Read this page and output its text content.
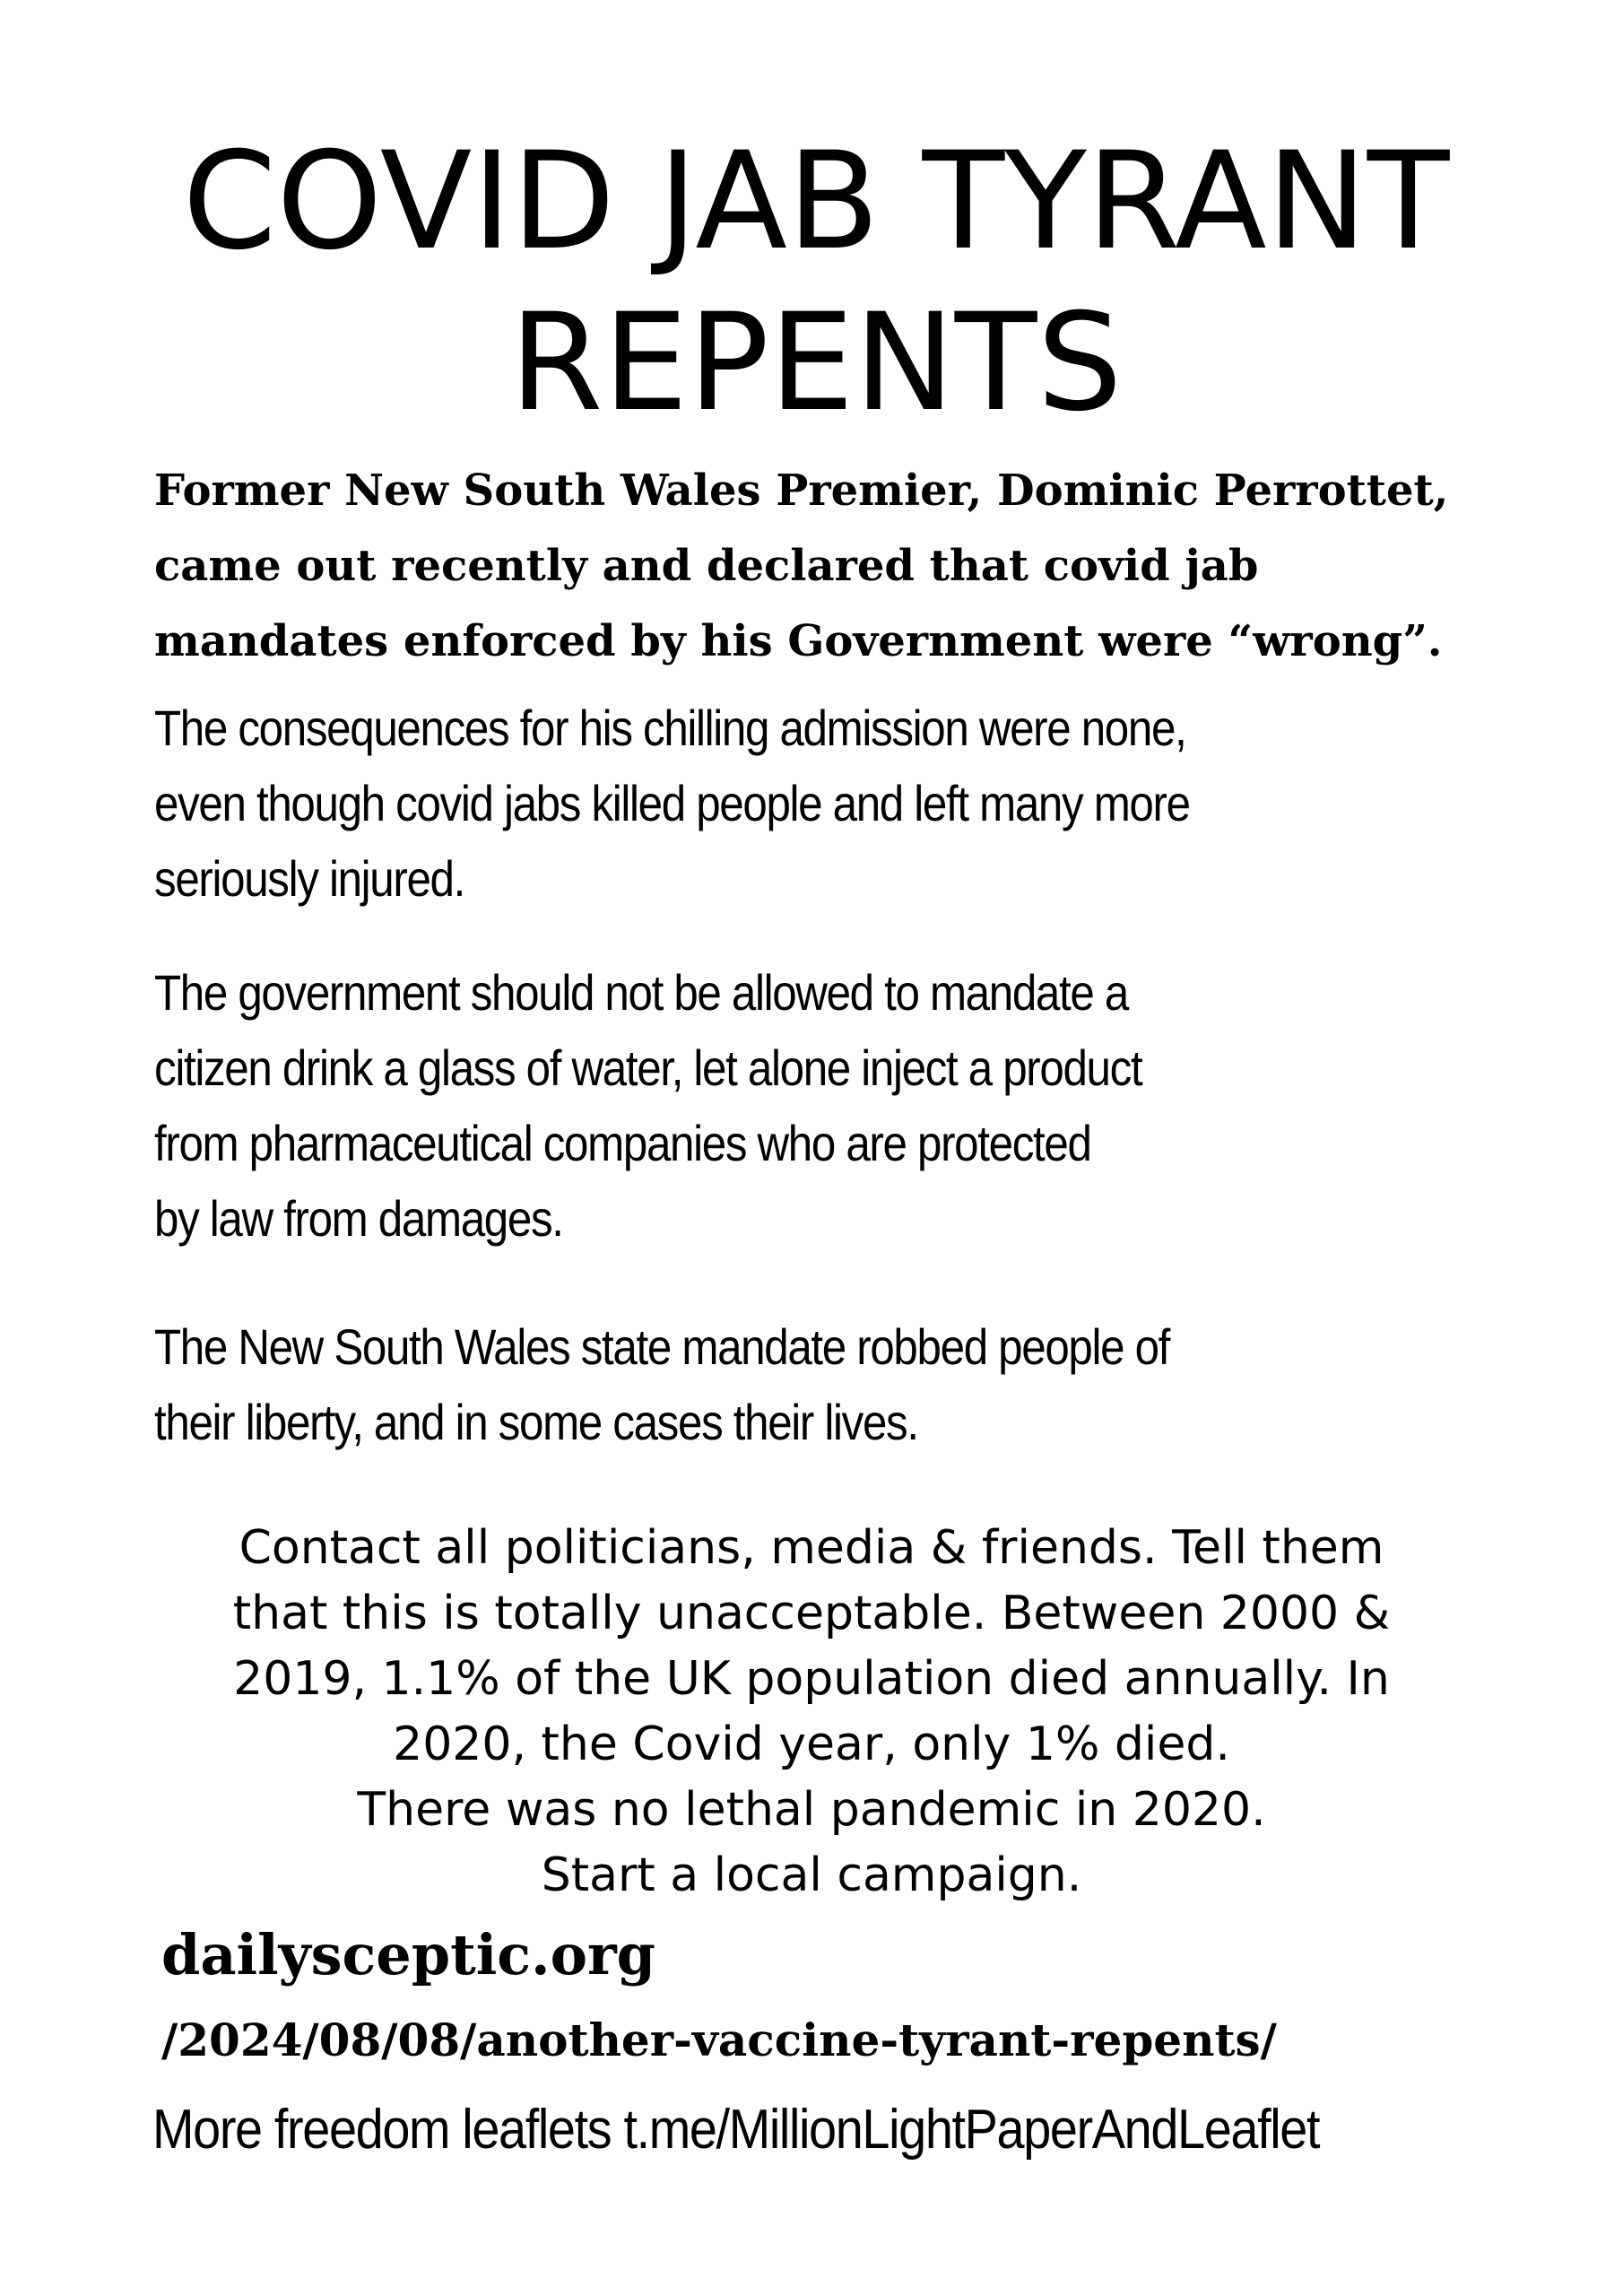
COVID JAB TYRANT
REPENTS
Former New South Wales Premier, Dominic Perrottet,
came out recently and declared that covid jab
mandates enforced by his Government were “wrong”.
The consequences for his chilling admission were none,
even though covid jabs killed people and left many more
seriously injured.
The government should not be allowed to mandate a
citizen drink a glass of water, let alone inject a product
from pharmaceutical companies who are protected
by law from damages.
The New South Wales state mandate robbed people of
their liberty, and in some cases their lives.
Contact all politicians, media & friends. Tell them
that this is totally unacceptable. Between 2000 &
2019, 1.1% of the UK population died annually. In
2020, the Covid year, only 1% died.
There was no lethal pandemic in 2020.
Start a local campaign.
dailysceptic.org
/2024/08/08/another-vaccine-tyrant-repents/
More freedom leaflets t.me/MillionLightPaperAndLeaflet
